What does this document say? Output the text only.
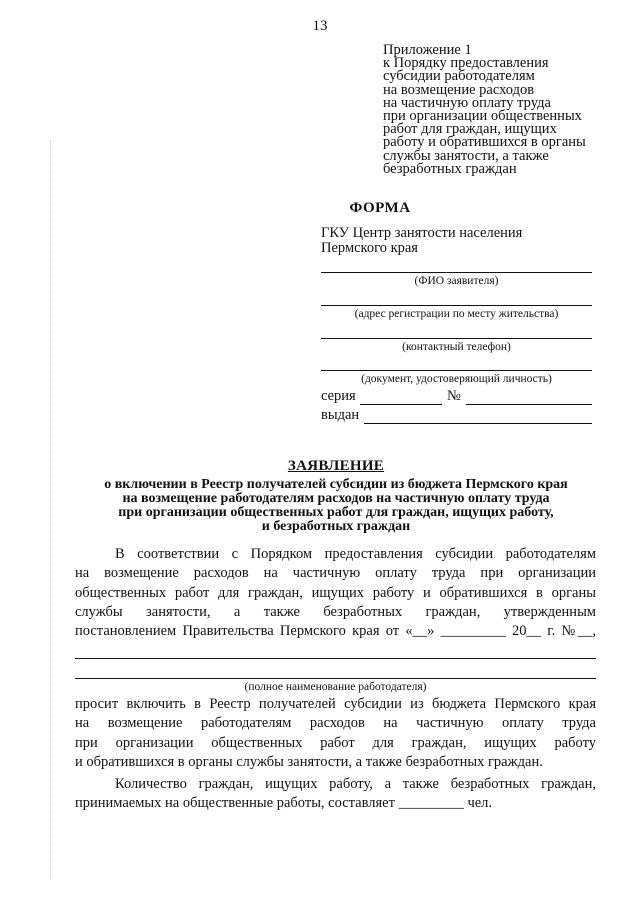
13
Приложение 1
к Порядку предоставления
субсидии работодателям
на возмещение расходов
на частичную оплату труда
при организации общественных
работ для граждан, ищущих
работу и обратившихся в органы
службы занятости, а также
безработных граждан
ФОРМА
ГКУ Центр занятости населения
Пермского края
(ФИО заявителя)
(адрес регистрации по месту жительства)
(контактный телефон)
(документ, удостоверяющий личность)
серия	№
выдан
ЗАЯВЛЕНИЕ
о включении в Реестр получателей субсидии из бюджета Пермского края
на возмещение работодателям расходов на частичную оплату труда
при организации общественных работ для граждан, ищущих работу,
и безработных граждан
В соответствии с Порядком предоставления субсидии работодателям
на возмещение расходов на частичную оплату труда при организации
общественных работ для граждан, ищущих работу и обратившихся в органы
службы занятости, а также безработных граждан, утвержденным
постановлением Правительства Пермского края от «__» _________ 20__ г. №__,
(полное наименование работодателя)
просит включить в Реестр получателей субсидии из бюджета Пермского края
на возмещение работодателям расходов на частичную оплату труда
при организации общественных работ для граждан, ищущих работу
и обратившихся в органы службы занятости, а также безработных граждан.
Количество граждан, ищущих работу, а также безработных граждан,
принимаемых на общественные работы, составляет _________ чел.
